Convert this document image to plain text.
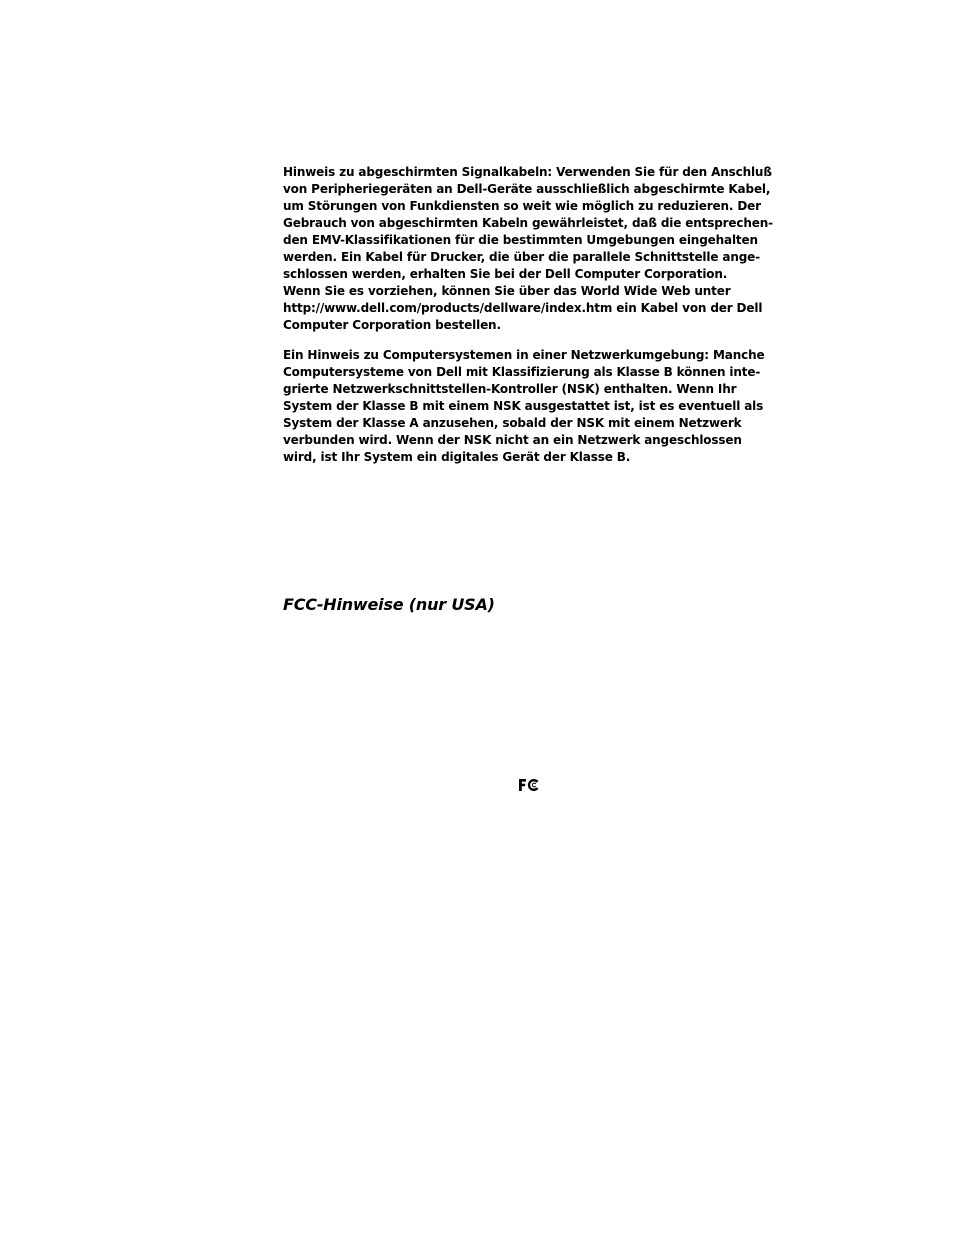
Hinweis zu abgeschirmten Signalkabeln: Verwenden Sie für den Anschluß
von Peripheriegeräten an Dell-Geräte ausschließlich abgeschirmte Kabel,
um Störungen von Funkdiensten so weit wie möglich zu reduzieren. Der
Gebrauch von abgeschirmten Kabeln gewährleistet, daß die entsprechen-
den EMV-Klassifikationen für die bestimmten Umgebungen eingehalten
werden. Ein Kabel für Drucker, die über die parallele Schnittstelle ange-
schlossen werden, erhalten Sie bei der Dell Computer Corporation.
Wenn Sie es vorziehen, können Sie über das World Wide Web unter
http://www.dell.com/products/dellware/index.htm ein Kabel von der Dell
Computer Corporation bestellen.

Ein Hinweis zu Computersystemen in einer Netzwerkumgebung: Manche
Computersysteme von Dell mit Klassifizierung als Klasse B können inte-
grierte Netzwerkschnittstellen-Kontroller (NSK) enthalten. Wenn Ihr
System der Klasse B mit einem NSK ausgestattet ist, ist es eventuell als
System der Klasse A anzusehen, sobald der NSK mit einem Netzwerk
verbunden wird. Wenn der NSK nicht an ein Netzwerk angeschlossen
wird, ist Ihr System ein digitales Gerät der Klasse B.

FCC-Hinweise (nur USA)
